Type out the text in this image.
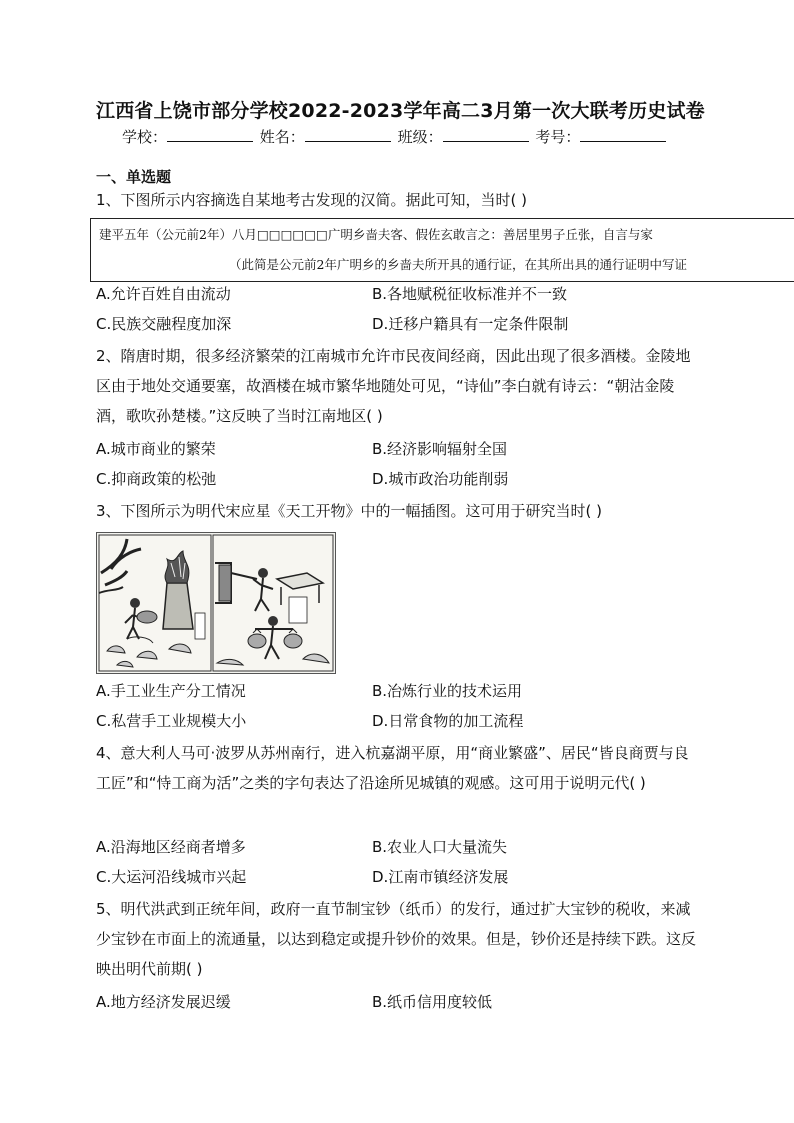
江西省上饶市部分学校2022-2023学年高二3月第一次大联考历史试卷
学校：	姓名：	班级：	考号：
一、单选题
1、下图所示内容摘选自某地考古发现的汉简。据此可知，当时( )
建平五年（公元前2年）八月□□□□□□广明乡啬夫客、假佐玄敢言之：善居里男子丘张，自言与家
（此简是公元前2年广明乡的乡啬夫所开具的通行证，在其所出具的通行证明中写证
A.允许百姓自由流动	B.各地赋税征收标准并不一致
C.民族交融程度加深	D.迁移户籍具有一定条件限制
2、隋唐时期，很多经济繁荣的江南城市允许市民夜间经商，因此出现了很多酒楼。金陵地区由于地处交通要塞，故酒楼在城市繁华地随处可见，“诗仙”李白就有诗云：“朝沽金陵酒，歌吹孙楚楼。”这反映了当时江南地区( )
A.城市商业的繁荣	B.经济影响辐射全国
C.抑商政策的松弛	D.城市政治功能削弱
3、下图所示为明代宋应星《天工开物》中的一幅插图。这可用于研究当时( )
A.手工业生产分工情况	B.冶炼行业的技术运用
C.私营手工业规模大小	D.日常食物的加工流程
4、意大利人马可·波罗从苏州南行，进入杭嘉湖平原，用“商业繁盛”、居民“皆良商贾与良工匠”和“恃工商为活”之类的字句表达了沿途所见城镇的观感。这可用于说明元代( )
A.沿海地区经商者增多	B.农业人口大量流失
C.大运河沿线城市兴起	D.江南市镇经济发展
5、明代洪武到正统年间，政府一直节制宝钞（纸币）的发行，通过扩大宝钞的税收，来减少宝钞在市面上的流通量，以达到稳定或提升钞价的效果。但是，钞价还是持续下跌。这反映出明代前期( )
A.地方经济发展迟缓	B.纸币信用度较低
